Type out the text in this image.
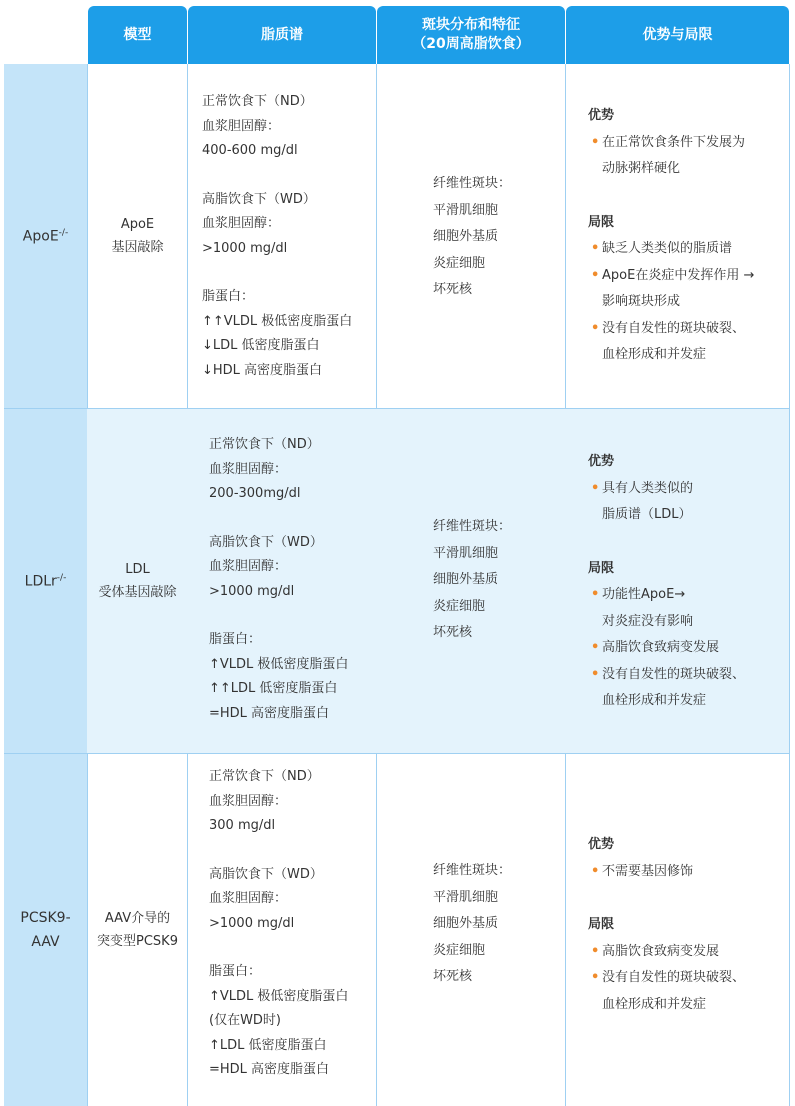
模型	脂质谱
斑块分布和特征
（20周高脂饮食）
优势与局限
ApoE-/-
ApoE
基因敲除
正常饮食下（ND）
血浆胆固醇：
400-600 mg/dl
高脂饮食下（WD）
血浆胆固醇：
>1000 mg/dl
脂蛋白：
↑↑VLDL 极低密度脂蛋白
↓LDL 低密度脂蛋白
↓HDL 高密度脂蛋白
纤维性斑块：
平滑肌细胞
细胞外基质
炎症细胞
坏死核
优势
• 在正常饮食条件下发展为
动脉粥样硬化
局限
• 缺乏人类类似的脂质谱
• ApoE在炎症中发挥作用 →
影响斑块形成
• 没有自发性的斑块破裂、
血栓形成和并发症
LDLr-/-
LDL
受体基因敲除
正常饮食下（ND）
血浆胆固醇：
200-300mg/dl
高脂饮食下（WD）
血浆胆固醇：
>1000 mg/dl
脂蛋白：
↑VLDL 极低密度脂蛋白
↑↑LDL 低密度脂蛋白
=HDL 高密度脂蛋白
纤维性斑块：
平滑肌细胞
细胞外基质
炎症细胞
坏死核
优势
• 具有人类类似的
脂质谱（LDL）
局限
• 功能性ApoE→
对炎症没有影响
• 高脂饮食致病变发展
• 没有自发性的斑块破裂、
血栓形成和并发症
PCSK9-
AAV
AAV介导的
突变型PCSK9
正常饮食下（ND）
血浆胆固醇：
300 mg/dl
高脂饮食下（WD）
血浆胆固醇：
>1000 mg/dl
脂蛋白：
↑VLDL 极低密度脂蛋白
(仅在WD时)
↑LDL 低密度脂蛋白
=HDL 高密度脂蛋白
纤维性斑块：
平滑肌细胞
细胞外基质
炎症细胞
坏死核
优势
• 不需要基因修饰
局限
• 高脂饮食致病变发展
• 没有自发性的斑块破裂、
血栓形成和并发症
